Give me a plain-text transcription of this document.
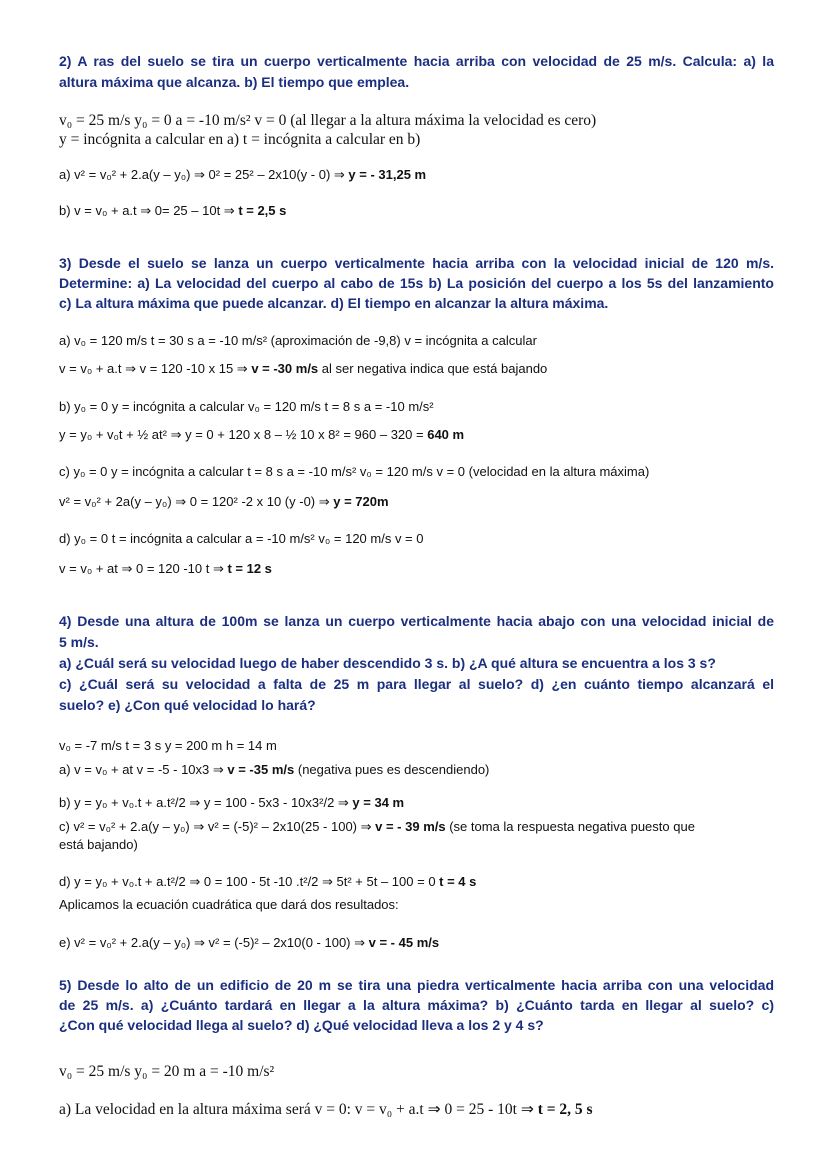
2) A ras del suelo se tira un cuerpo verticalmente hacia arriba con velocidad de 25 m/s. Calcula: a) la
altura máxima que alcanza. b) El tiempo que emplea.
v₀ = 25 m/s y₀ = 0 a = -10 m/s² v = 0 (al llegar a la altura máxima la velocidad es cero)
y = incógnita a calcular en a) t = incógnita a calcular en b)
a) v² = v₀² + 2.a(y – y₀) ⇒ 0² = 25² – 2x10(y - 0) ⇒ y = - 31,25 m
b) v = v₀ + a.t ⇒ 0= 25 – 10t ⇒ t = 2,5 s
3) Desde el suelo se lanza un cuerpo verticalmente hacia arriba con la velocidad inicial de 120 m/s.
Determine: a) La velocidad del cuerpo al cabo de 15s b) La posición del cuerpo a los 5s del lanzamiento
c) La altura máxima que puede alcanzar. d) El tiempo en alcanzar la altura máxima.
a) v₀ = 120 m/s t = 30 s a = -10 m/s² (aproximación de -9,8) v = incógnita a calcular
v = v₀ + a.t ⇒ v = 120 -10 x 15 ⇒ v = -30 m/s al ser negativa indica que está bajando
b) y₀ = 0 y = incógnita a calcular v₀ = 120 m/s t = 8 s a = -10 m/s²
y = y₀ + v₀t + ½ at² ⇒ y = 0 + 120 x 8 – ½ 10 x 8² = 960 – 320 = 640 m
c) y₀ = 0 y = incógnita a calcular t = 8 s a = -10 m/s² v₀ = 120 m/s v = 0 (velocidad en la altura máxima)
v² = v₀² + 2a(y – y₀) ⇒ 0 = 120² -2 x 10 (y -0) ⇒ y = 720m
d) y₀ = 0 t = incógnita a calcular a = -10 m/s² v₀ = 120 m/s v = 0
v = v₀ + at ⇒ 0 = 120 -10 t ⇒ t = 12 s
4) Desde una altura de 100m se lanza un cuerpo verticalmente hacia abajo con una velocidad inicial de
5 m/s.
a) ¿Cuál será su velocidad luego de haber descendido 3 s. b) ¿A qué altura se encuentra a los 3 s?
c) ¿Cuál será su velocidad a falta de 25 m para llegar al suelo? d) ¿en cuánto tiempo alcanzará el
suelo? e) ¿Con qué velocidad lo hará?
v₀ = -7 m/s t = 3 s y = 200 m h = 14 m
a) v = v₀ + at v = -5 - 10x3 ⇒ v = -35 m/s (negativa pues es descendiendo)
b) y = y₀ + v₀.t + a.t²/2 ⇒ y = 100 - 5x3 - 10x3²/2 ⇒ y = 34 m
c) v² = v₀² + 2.a(y – y₀) ⇒ v² = (-5)² – 2x10(25 - 100) ⇒ v = - 39 m/s (se toma la respuesta negativa puesto que
está bajando)
d) y = y₀ + v₀.t + a.t²/2 ⇒ 0 = 100 - 5t -10 .t²/2 ⇒ 5t² + 5t – 100 = 0 t = 4 s
Aplicamos la ecuación cuadrática que dará dos resultados:
e) v² = v₀² + 2.a(y – y₀) ⇒ v² = (-5)² – 2x10(0 - 100) ⇒ v = - 45 m/s
5) Desde lo alto de un edificio de 20 m se tira una piedra verticalmente hacia arriba con una velocidad
de 25 m/s. a) ¿Cuánto tardará en llegar a la altura máxima? b) ¿Cuánto tarda en llegar al suelo? c)
¿Con qué velocidad llega al suelo? d) ¿Qué velocidad lleva a los 2 y 4 s?
v₀ = 25 m/s y₀ = 20 m a = -10 m/s²
a) La velocidad en la altura máxima será v = 0: v = v₀ + a.t ⇒ 0 = 25 - 10t ⇒ t = 2, 5 s
